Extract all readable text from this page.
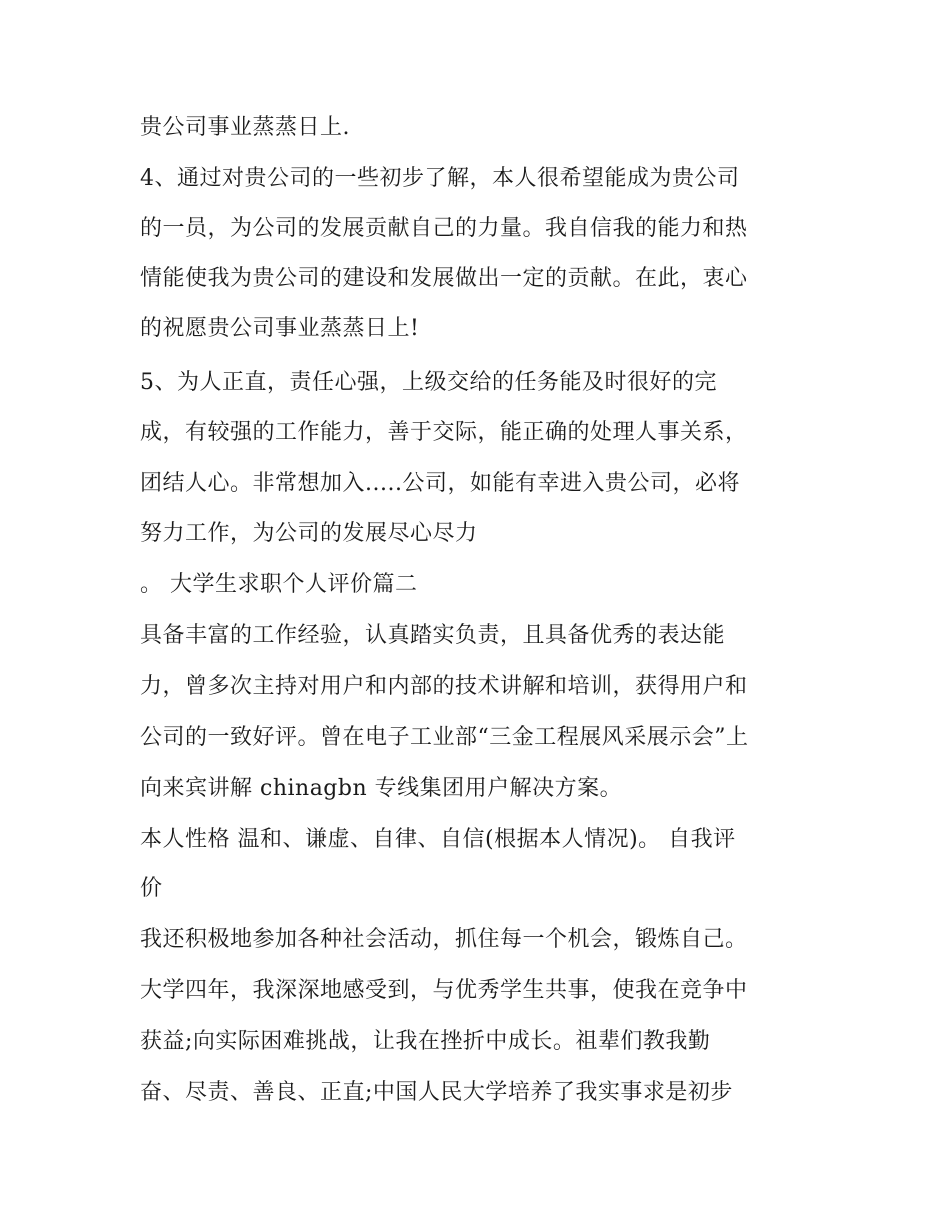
贵公司事业蒸蒸日上.

4、通过对贵公司的一些初步了解，本人很希望能成为贵公司

的一员，为公司的发展贡献自己的力量。我自信我的能力和热

情能使我为贵公司的建设和发展做出一定的贡献。在此，衷心

的祝愿贵公司事业蒸蒸日上!

5、为人正直，责任心强，上级交给的任务能及时很好的完

成，有较强的工作能力，善于交际，能正确的处理人事关系，

团结人心。非常想加入.....公司，如能有幸进入贵公司，必将

努力工作，为公司的发展尽心尽力

。 大学生求职个人评价篇二

具备丰富的工作经验，认真踏实负责，且具备优秀的表达能

力，曾多次主持对用户和内部的技术讲解和培训，获得用户和

公司的一致好评。曾在电子工业部“三金工程展风采展示会”上

向来宾讲解 chinagbn 专线集团用户解决方案。

本人性格 温和、谦虚、自律、自信(根据本人情况)。 自我评

价

我还积极地参加各种社会活动，抓住每一个机会，锻炼自己。

大学四年，我深深地感受到，与优秀学生共事，使我在竞争中

获益;向实际困难挑战，让我在挫折中成长。祖辈们教我勤

奋、尽责、善良、正直;中国人民大学培养了我实事求是初步
